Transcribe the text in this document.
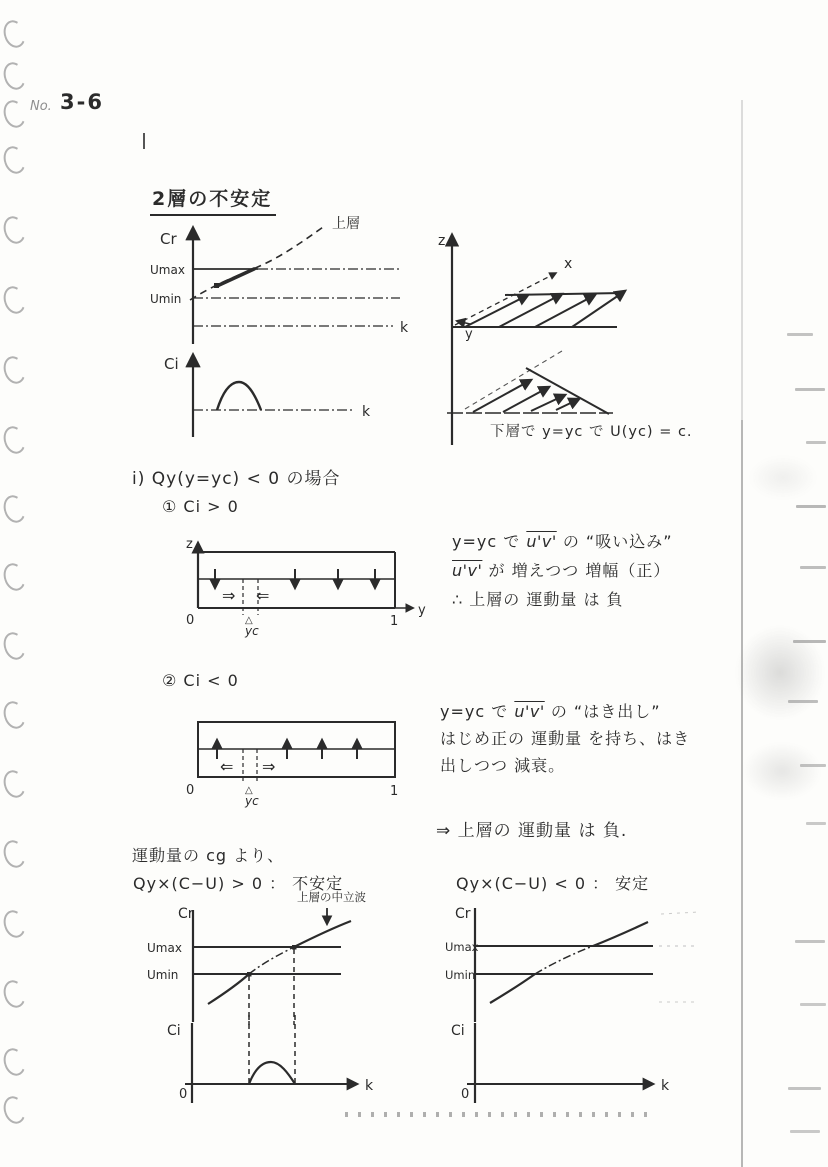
No. 3-6
2層の不安定
Cr
Umax
Umin
k
上層
Ci
k
z
x
y
下層で y=yc で U(yc) = c.
i) Qy(y=yc) < 0 の場合
① Ci > 0
z
y
⇒ ⇐
0	1
△
yc
y=yc で u'v' の “吸い込み”
u'v' が 増えつつ 増幅（正）
∴ 上層の 運動量 は 負
② Ci < 0
⇐ ⇒
0	1
△
yc
y=yc で u'v' の “はき出し”
はじめ正の 運動量 を持ち、はき
出しつつ 減衰。
⇒ 上層の 運動量 は 負.
運動量の cg より、
Qy×(C−U) > 0 ： 不安定
上層の中立波
Qy×(C−U) < 0 ： 安定
Cr
Umax
Umin
Ci
k
0
Cr
Umax
Umin
Ci
k
0
